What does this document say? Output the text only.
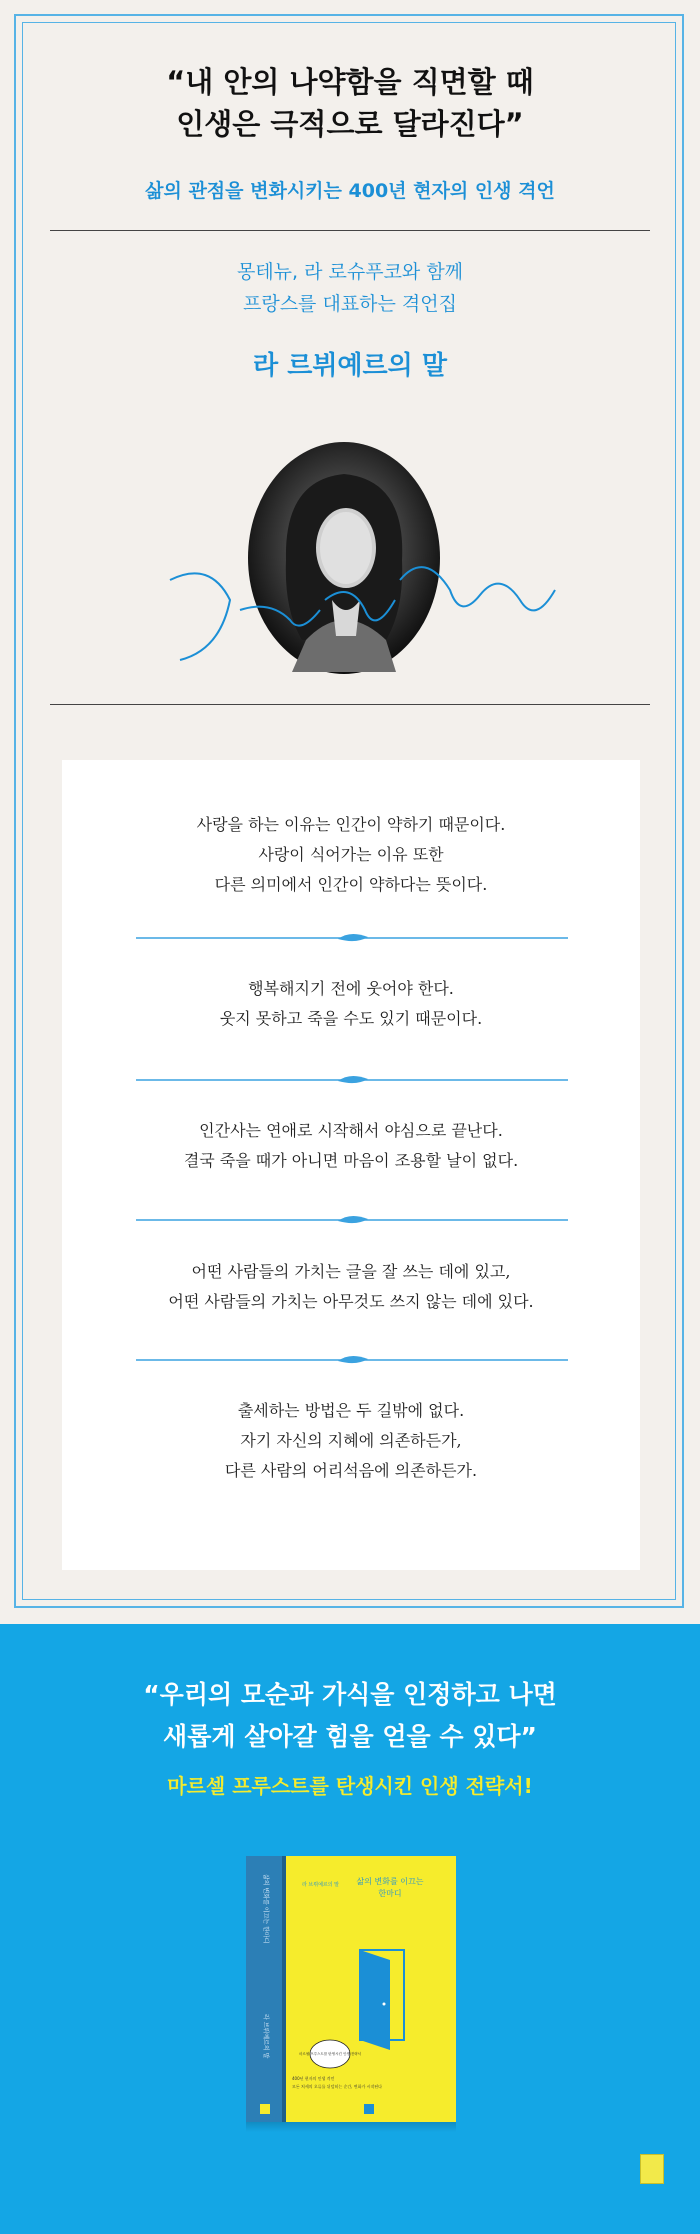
“내 안의 나약함을 직면할 때
인생은 극적으로 달라진다”
삶의 관점을 변화시키는 400년 현자의 인생 격언
몽테뉴, 라 로슈푸코와 함께
프랑스를 대표하는 격언집
라 르뷔예르의 말
사랑을 하는 이유는 인간이 약하기 때문이다.
사랑이 식어가는 이유 또한
다른 의미에서 인간이 약하다는 뜻이다.
행복해지기 전에 웃어야 한다.
웃지 못하고 죽을 수도 있기 때문이다.
인간사는 연애로 시작해서 야심으로 끝난다.
결국 죽을 때가 아니면 마음이 조용할 날이 없다.
어떤 사람들의 가치는 글을 잘 쓰는 데에 있고,
어떤 사람들의 가치는 아무것도 쓰지 않는 데에 있다.
출세하는 방법은 두 길밖에 없다.
자기 자신의 지혜에 의존하든가,
다른 사람의 어리석음에 의존하든가.
“우리의 모순과 가식을 인정하고 나면
새롭게 살아갈 힘을 얻을 수 있다”
마르셀 프루스트를 탄생시킨 인생 전략서!
삶의 변화를 이끄는 한마디
라 브뤼예르의 말
삶의 변화를 이끄는
한마디
라 브뤼예르의 말
마르셀 프루스트를 탄생시킨 인생 전략서
400년 현자의 인생 격언
모든 처세의 오류를 뒤덮히는 순간, 변화가 시작된다
